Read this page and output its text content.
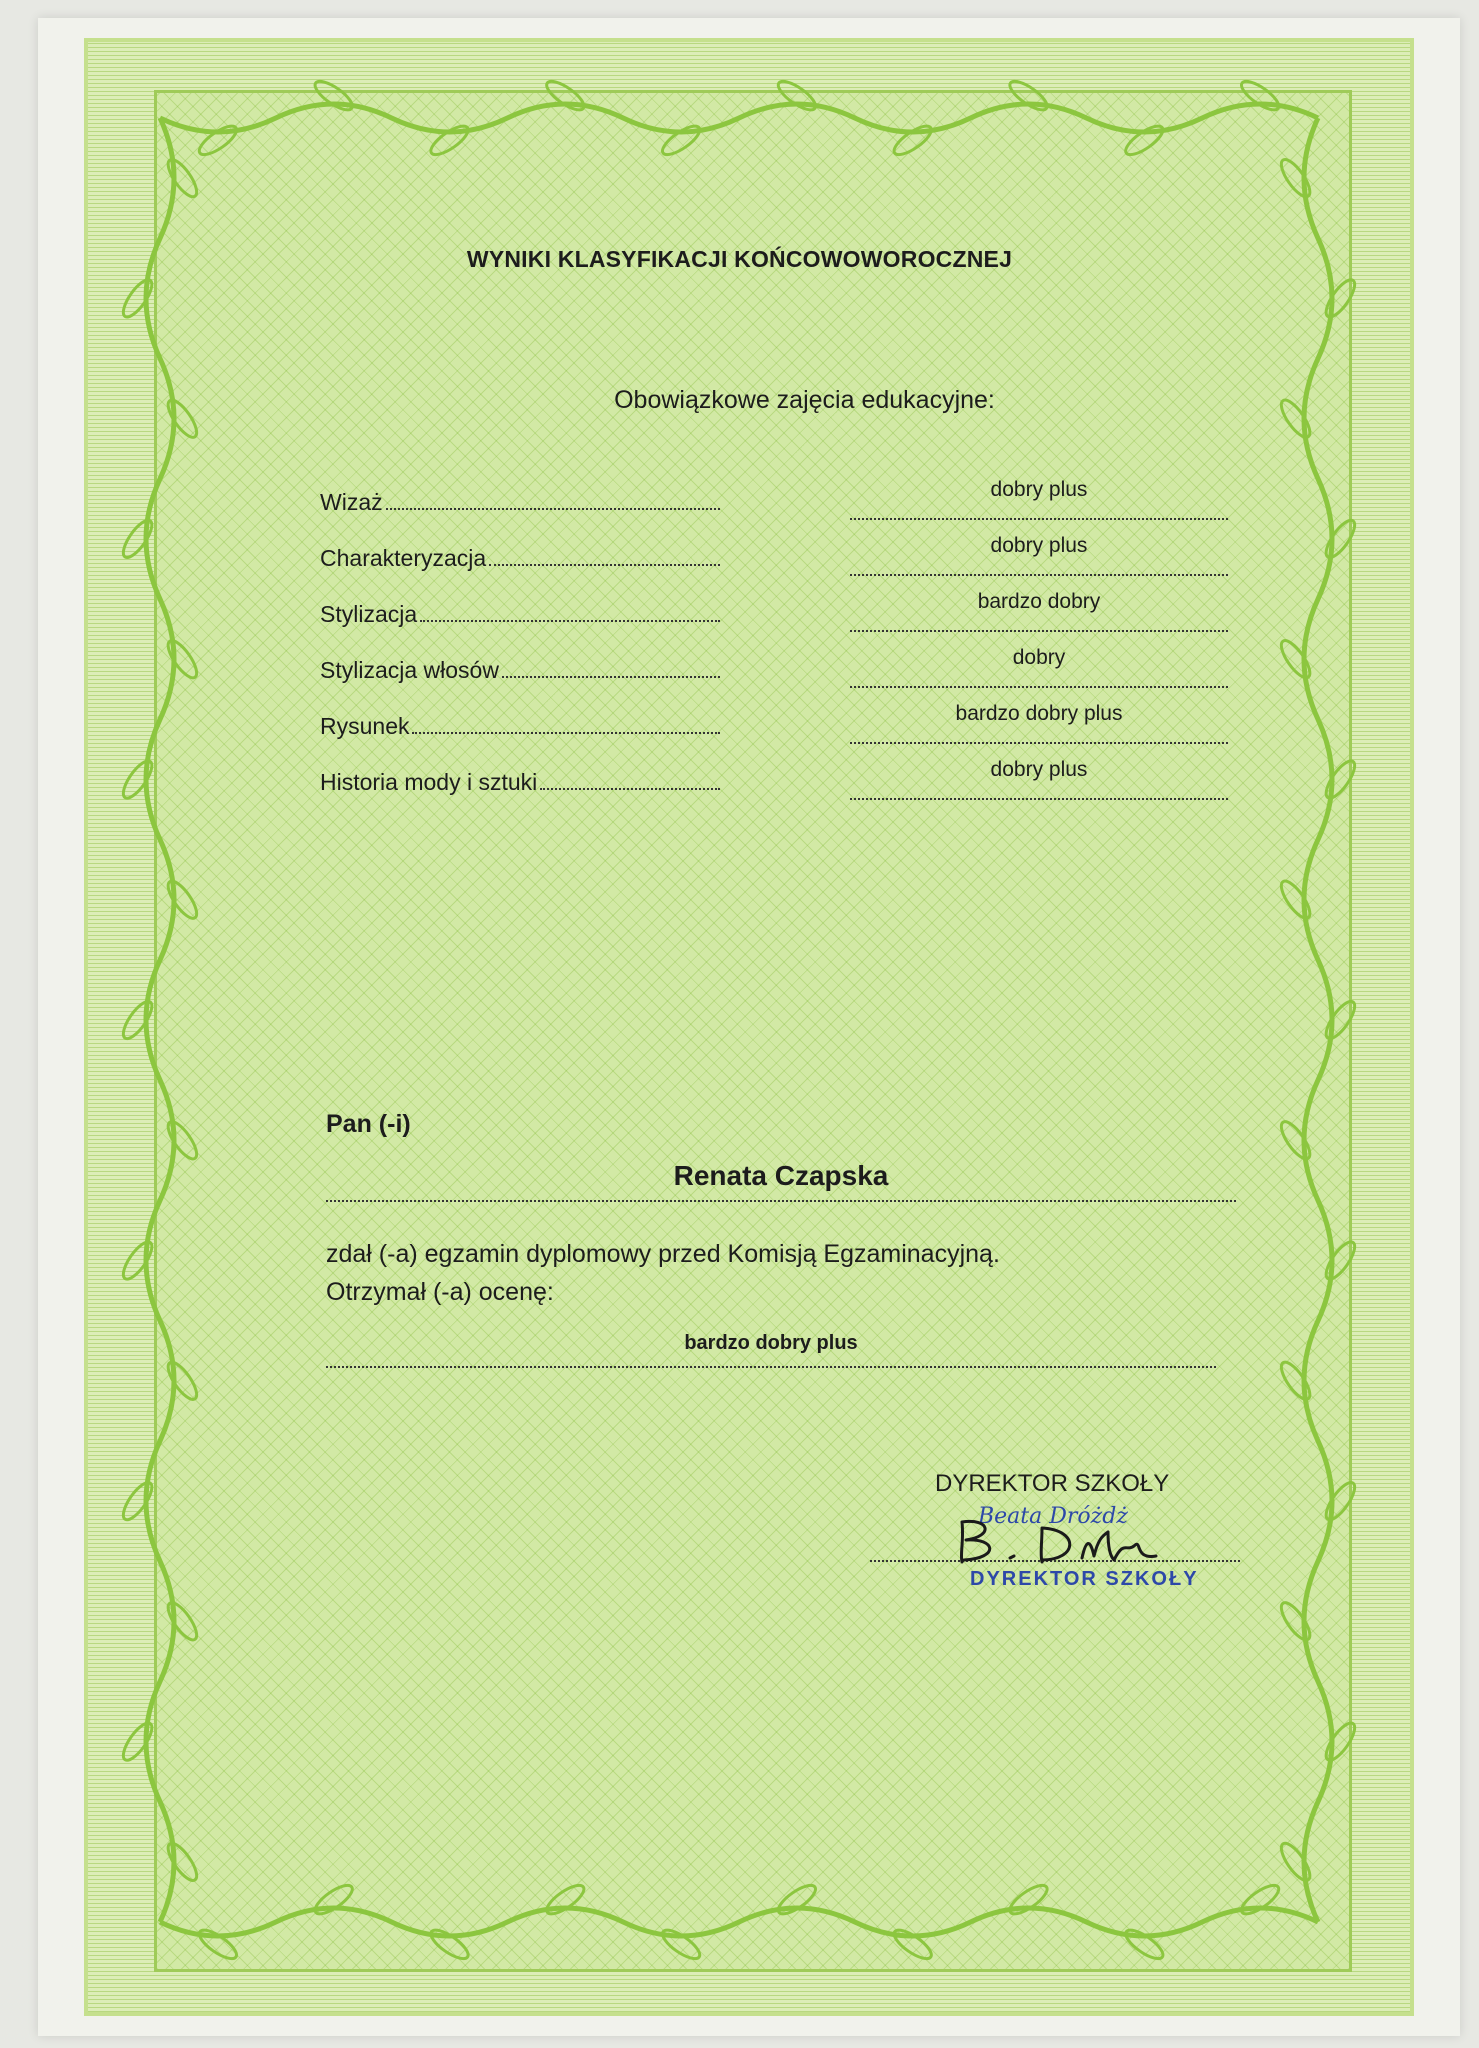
WYNIKI KLASYFIKACJI KOŃCOWOWOROCZNEJ
Obowiązkowe zajęcia edukacyjne:
Wizaż	dobry plus
Charakteryzacja	dobry plus
Stylizacja	bardzo dobry
Stylizacja włosów	dobry
Rysunek	bardzo dobry plus
Historia mody i sztuki	dobry plus
Pan (-i)
Renata Czapska
zdał (-a) egzamin dyplomowy przed Komisją Egzaminacyjną.
Otrzymał (-a) ocenę:
bardzo dobry plus
DYREKTOR SZKOŁY
Beata Dróżdż
DYREKTOR SZKOŁY
